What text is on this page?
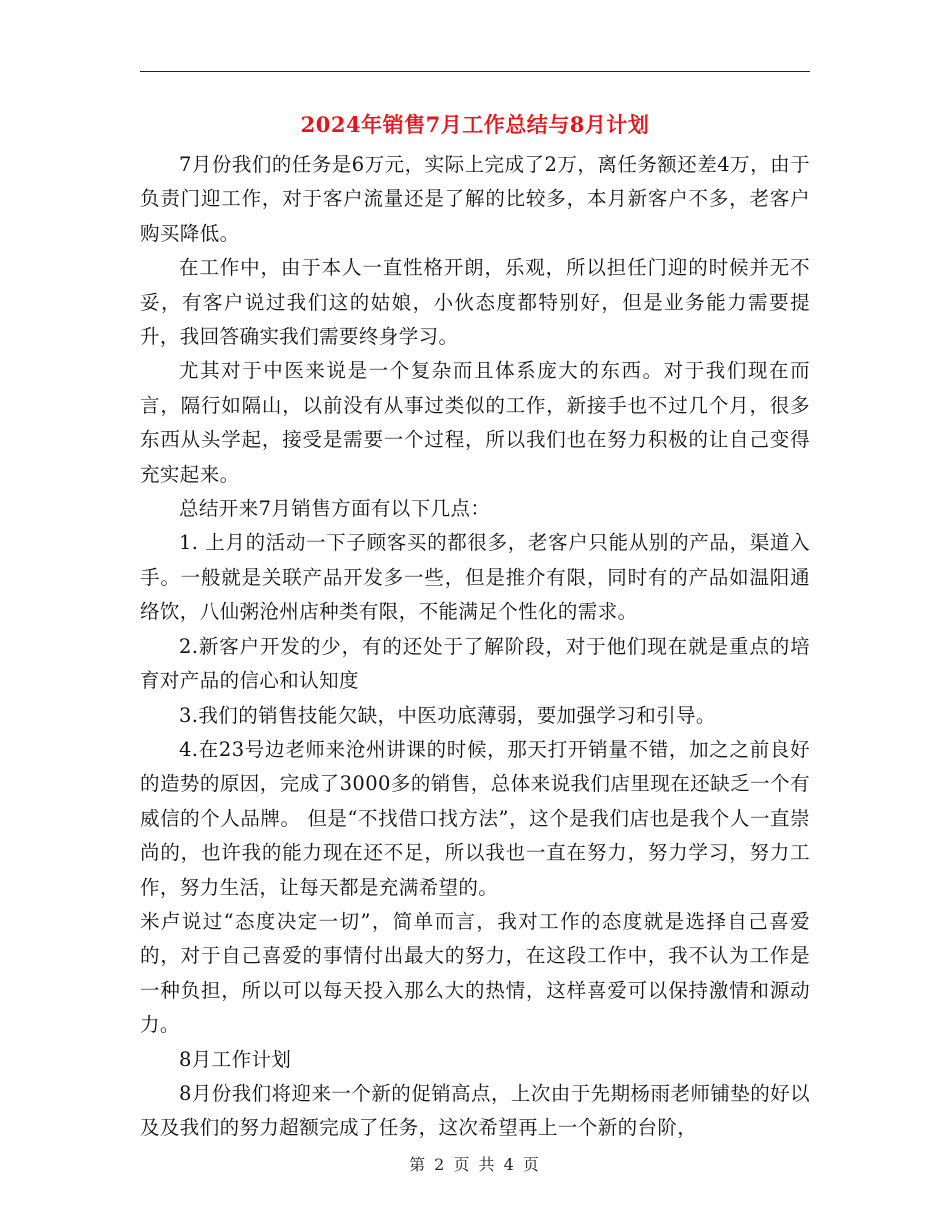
2024年销售7月工作总结与8月计划

7月份我们的任务是6万元，实际上完成了2万，离任务额还差4万，由于负责门迎工作，对于客户流量还是了解的比较多，本月新客户不多，老客户购买降低。

在工作中，由于本人一直性格开朗，乐观，所以担任门迎的时候并无不妥，有客户说过我们这的姑娘，小伙态度都特别好，但是业务能力需要提升，我回答确实我们需要终身学习。

尤其对于中医来说是一个复杂而且体系庞大的东西。对于我们现在而言，隔行如隔山，以前没有从事过类似的工作，新接手也不过几个月，很多东西从头学起，接受是需要一个过程，所以我们也在努力积极的让自己变得充实起来。

总结开来7月销售方面有以下几点：

1. 上月的活动一下子顾客买的都很多，老客户只能从别的产品，渠道入手。一般就是关联产品开发多一些，但是推介有限，同时有的产品如温阳通络饮，八仙粥沧州店种类有限，不能满足个性化的需求。

2.新客户开发的少，有的还处于了解阶段，对于他们现在就是重点的培育对产品的信心和认知度

3.我们的销售技能欠缺，中医功底薄弱，要加强学习和引导。

4.在23号边老师来沧州讲课的时候，那天打开销量不错，加之之前良好的造势的原因，完成了3000多的销售，总体来说我们店里现在还缺乏一个有威信的个人品牌。 但是“不找借口找方法”，这个是我们店也是我个人一直崇尚的，也许我的能力现在还不足，所以我也一直在努力，努力学习，努力工作，努力生活，让每天都是充满希望的。

米卢说过“态度决定一切”，简单而言，我对工作的态度就是选择自己喜爱的，对于自己喜爱的事情付出最大的努力，在这段工作中，我不认为工作是一种负担，所以可以每天投入那么大的热情，这样喜爱可以保持激情和源动力。

8月工作计划

8月份我们将迎来一个新的促销高点，上次由于先期杨雨老师铺垫的好以及及我们的努力超额完成了任务，这次希望再上一个新的台阶，

第 2 页 共 4 页
